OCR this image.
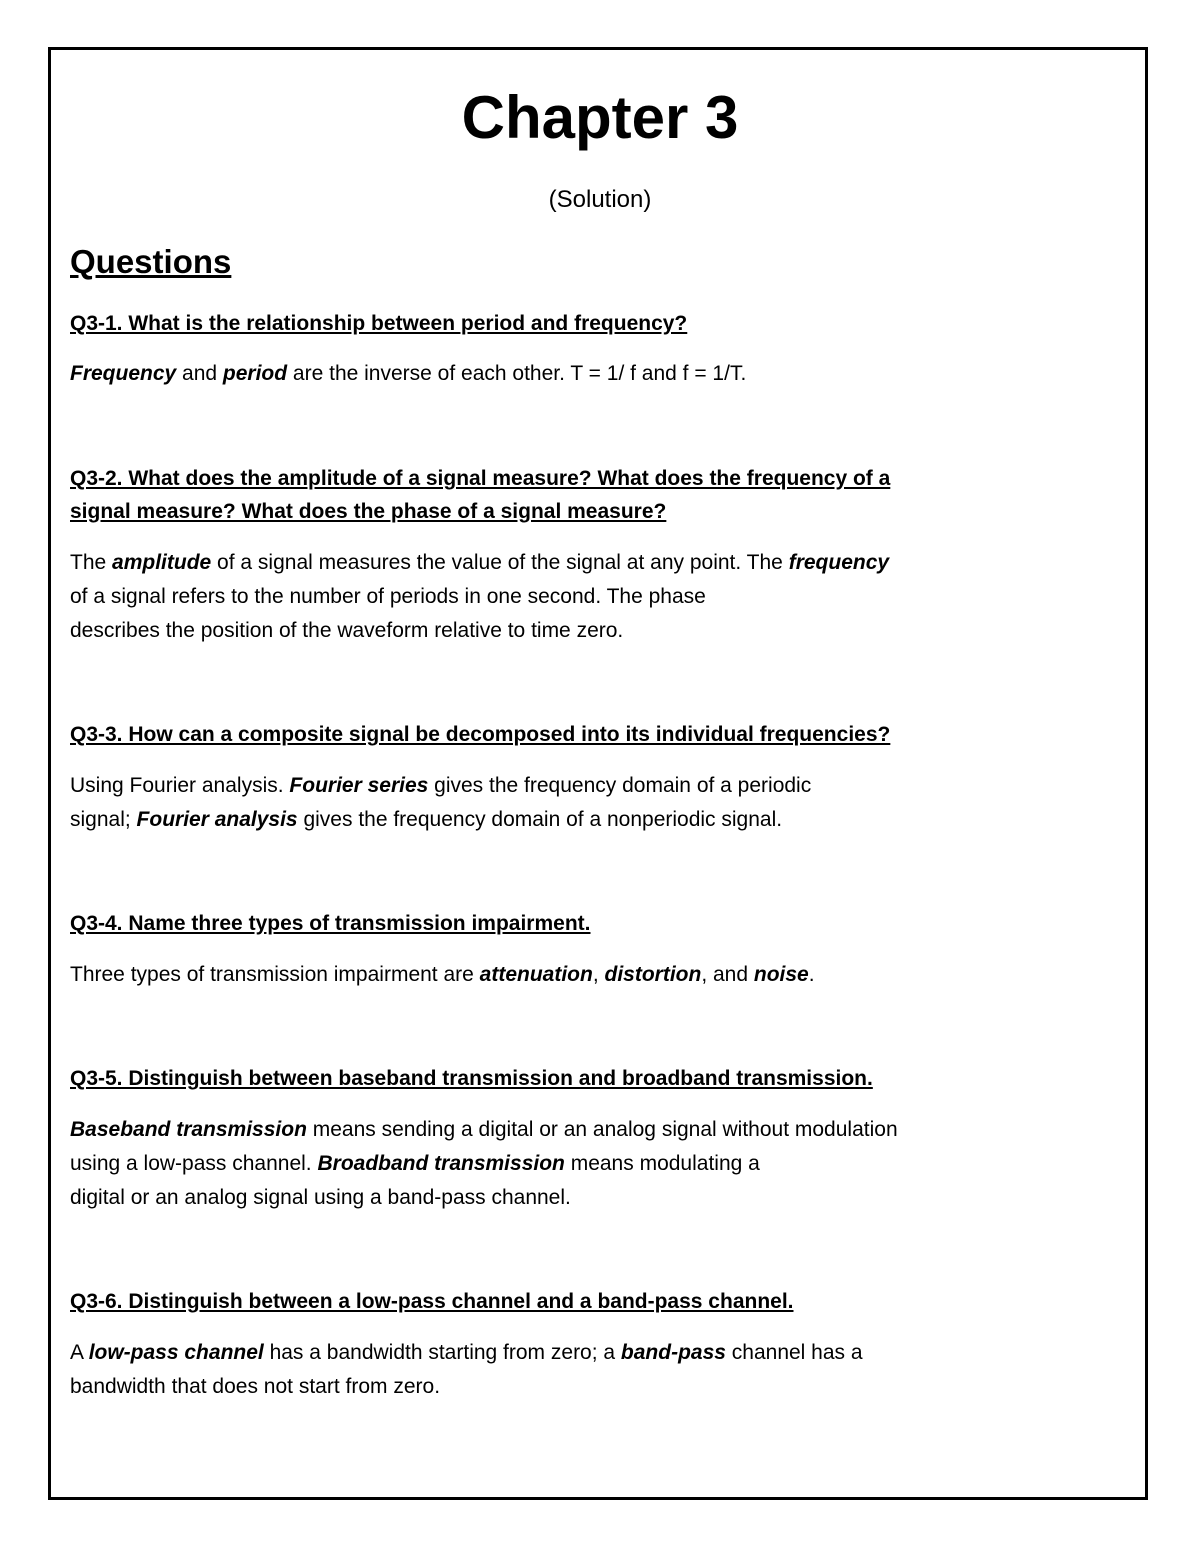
Chapter 3
(Solution)
Questions
Q3-1. What is the relationship between period and frequency?
Frequency and period are the inverse of each other. T = 1/ f and f = 1/T.
Q3-2. What does the amplitude of a signal measure? What does the frequency of a
signal measure? What does the phase of a signal measure?
The amplitude of a signal measures the value of the signal at any point. The frequency
of a signal refers to the number of periods in one second. The phase
describes the position of the waveform relative to time zero.
Q3-3. How can a composite signal be decomposed into its individual frequencies?
Using Fourier analysis. Fourier series gives the frequency domain of a periodic
signal; Fourier analysis gives the frequency domain of a nonperiodic signal.
Q3-4. Name three types of transmission impairment.
Three types of transmission impairment are attenuation, distortion, and noise.
Q3-5. Distinguish between baseband transmission and broadband transmission.
Baseband transmission means sending a digital or an analog signal without modulation
using a low-pass channel. Broadband transmission means modulating a
digital or an analog signal using a band-pass channel.
Q3-6. Distinguish between a low-pass channel and a band-pass channel.
A low-pass channel has a bandwidth starting from zero; a band-pass channel has a
bandwidth that does not start from zero.
